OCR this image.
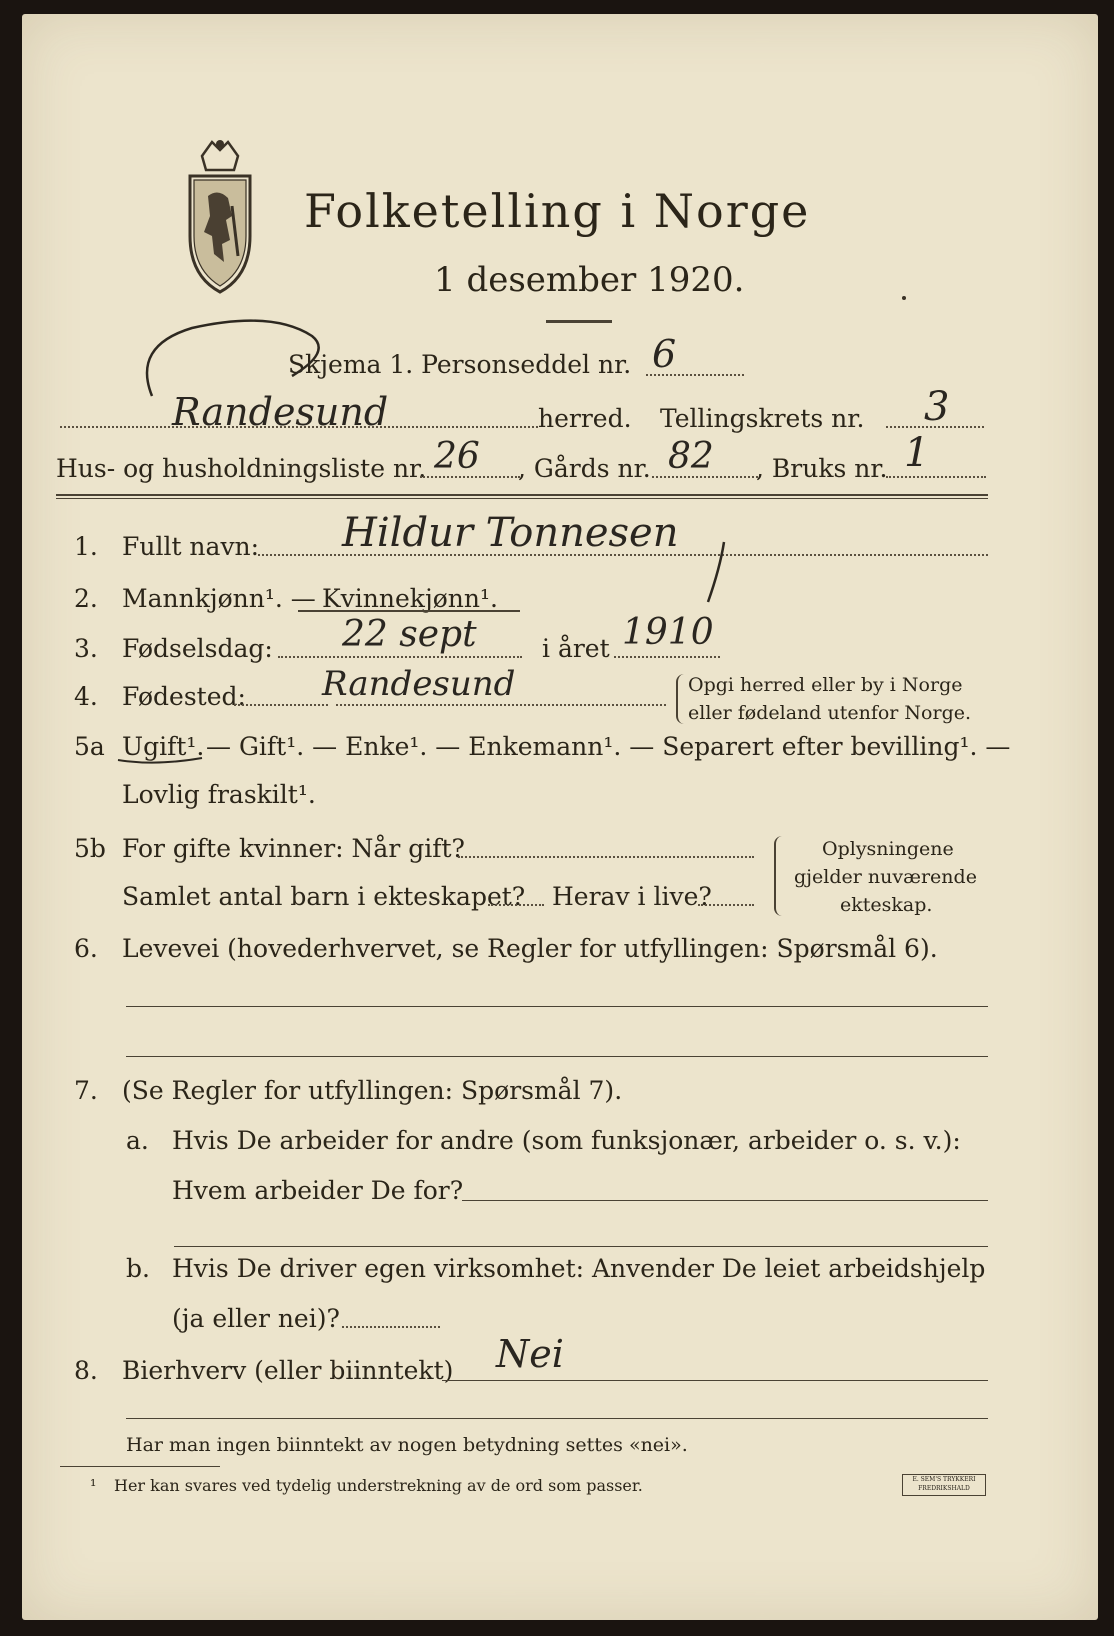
Folketelling i Norge
1 desember 1920.
Skjema 1. Personseddel nr. 6
Randesund	herred. Tellingskrets nr. 3
Hus- og husholdningsliste nr. 26 , Gårds nr. 82 , Bruks nr. 1
1. Fullt navn: Hildur Tonnesen
2. Mannkjønn¹. — Kvinnekjønn¹.
3. Fødselsdag: 22 sept	i året 1910
4. Fødested: Randesund	Opgi herred eller by i Norge
eller fødeland utenfor Norge.
5a Ugift¹. — Gift¹. — Enke¹. — Enkemann¹. — Separert efter bevilling¹. —
Lovlig fraskilt¹.
5b For gifte kvinner: Når gift?
Samlet antal barn i ekteskapet? Herav i live?
Oplysningene
gjelder nuværende
ekteskap.
6. Levevei (hovederhvervet, se Regler for utfyllingen: Spørsmål 6).
7. (Se Regler for utfyllingen: Spørsmål 7).
a. Hvis De arbeider for andre (som funksjonær, arbeider o. s. v.):
Hvem arbeider De for?
b. Hvis De driver egen virksomhet: Anvender De leiet arbeidshjelp
(ja eller nei)?
8. Bierhverv (eller biinntekt) Nei
Har man ingen biinntekt av nogen betydning settes «nei».
¹ Her kan svares ved tydelig understrekning av de ord som passer.	E. SEM'S TRYKKERI FREDRIKSHALD
